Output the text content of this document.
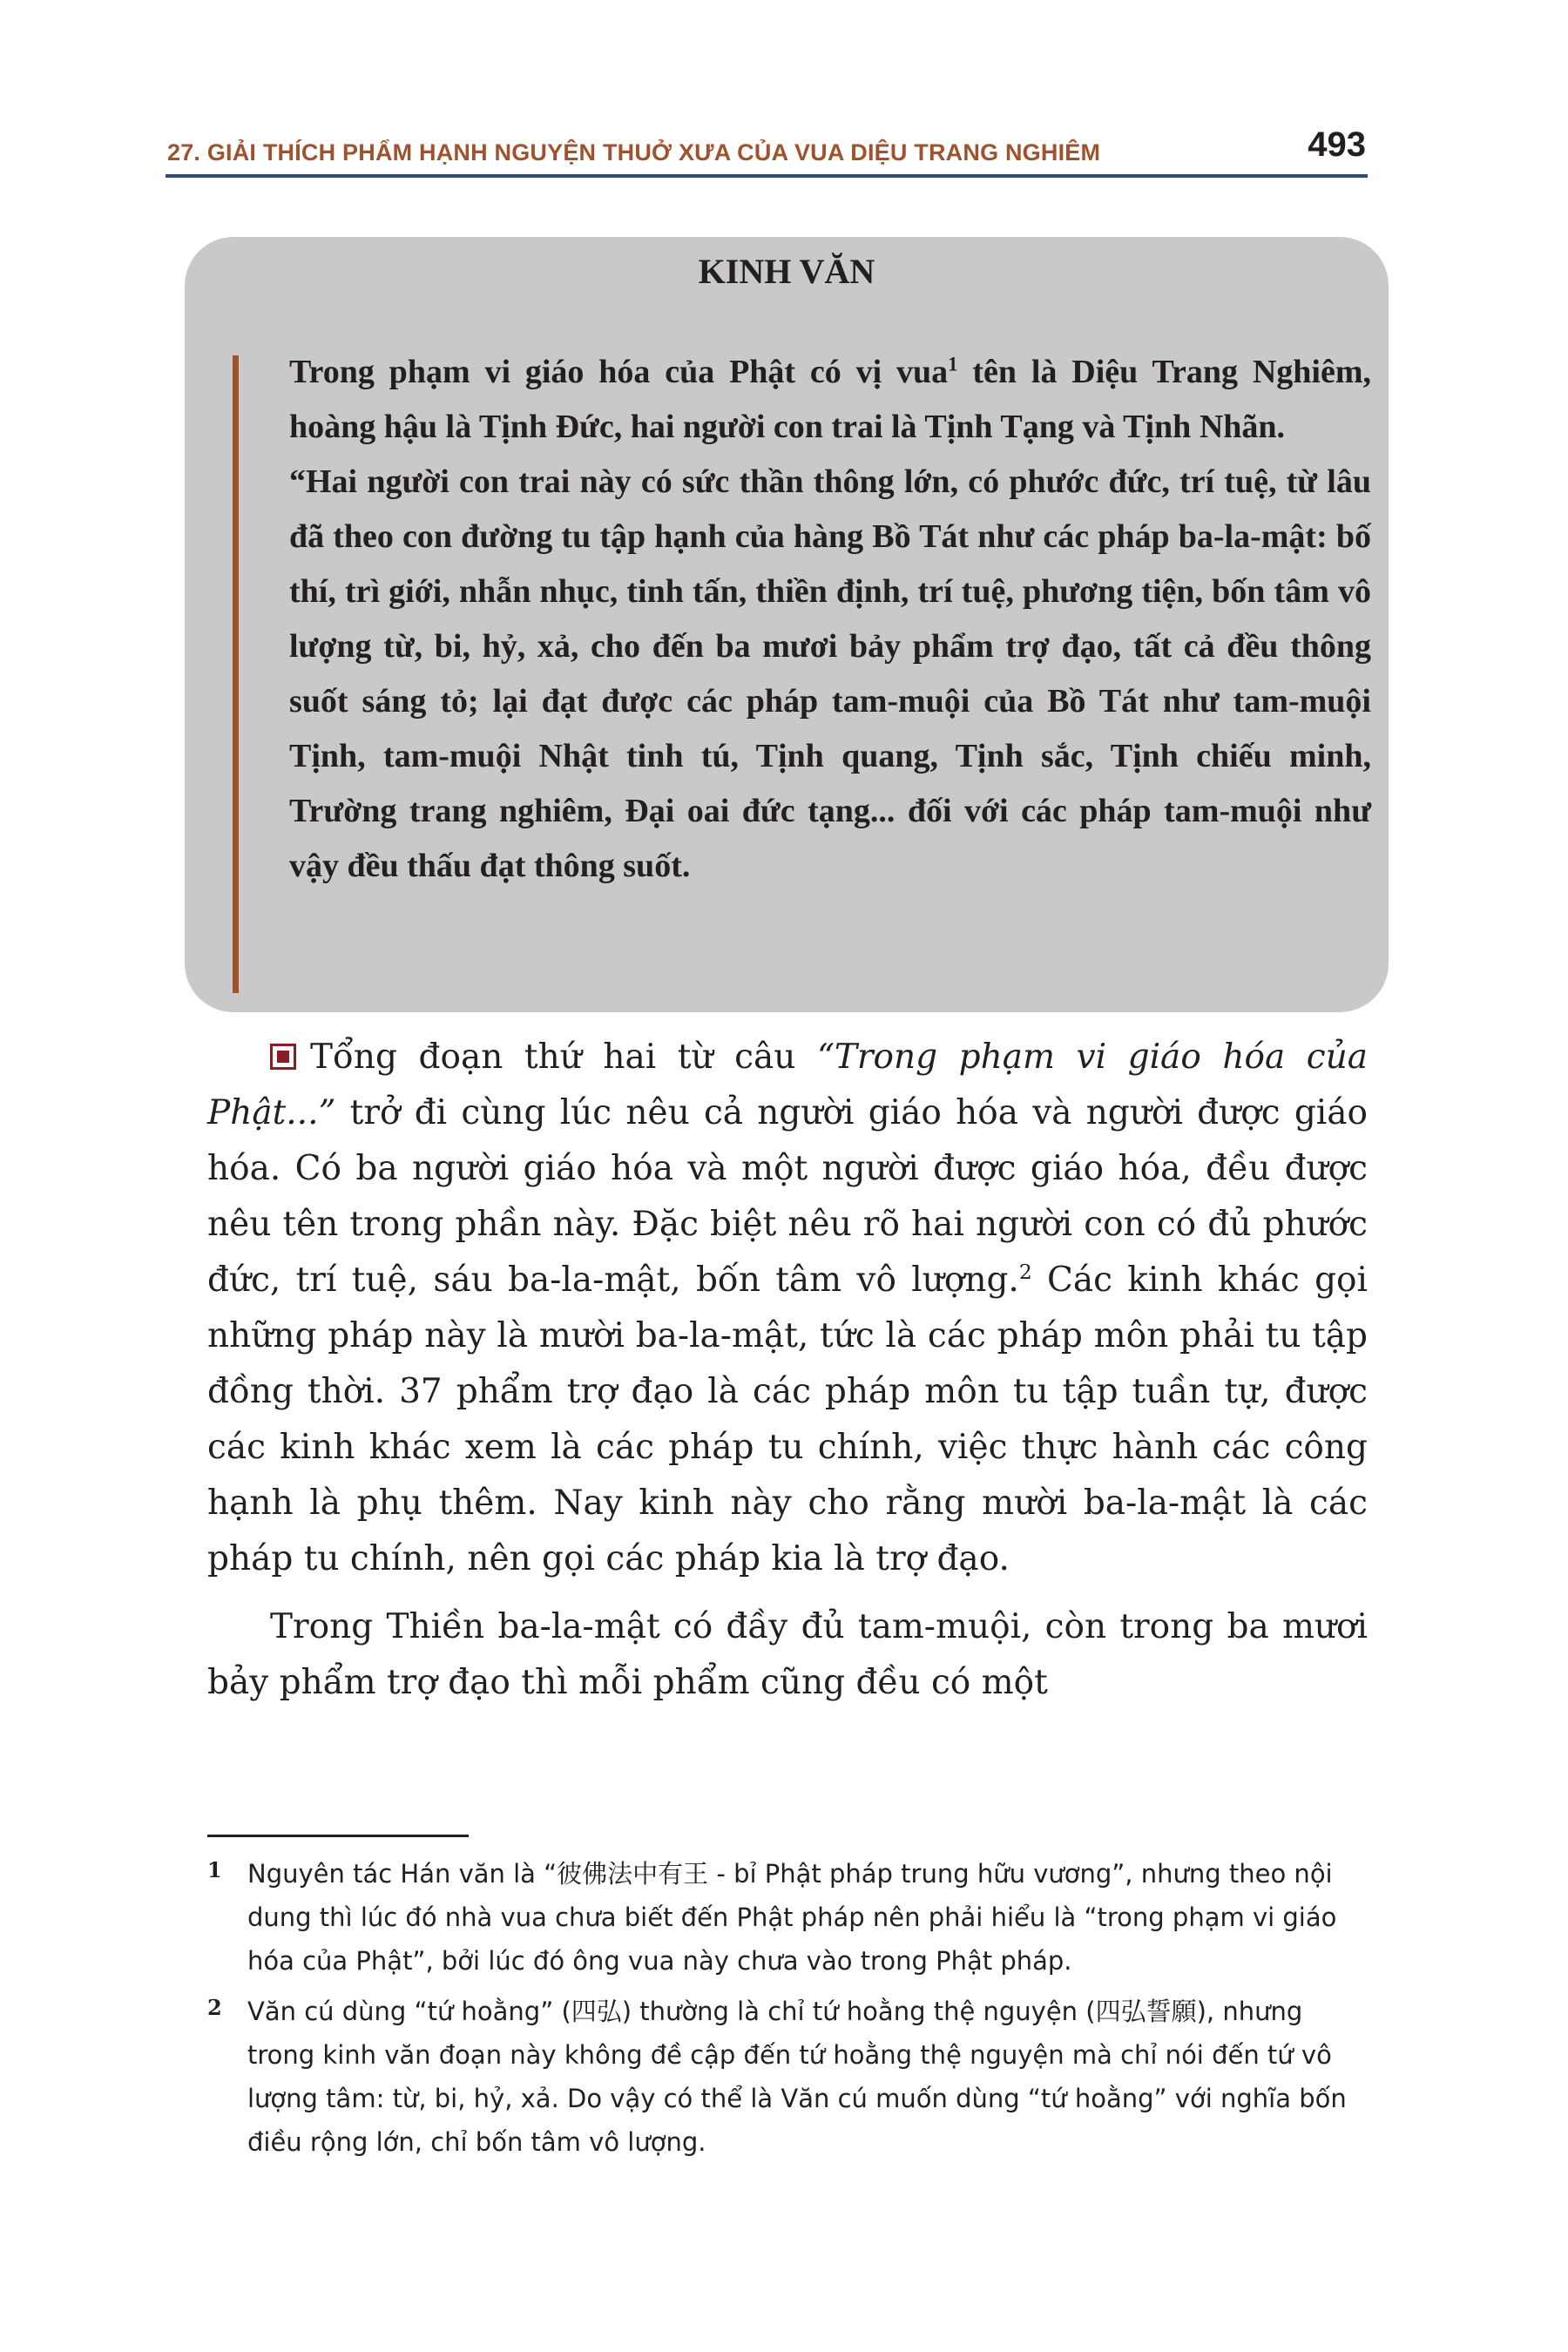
27. GIẢI THÍCH PHẨM HẠNH NGUYỆN THUỞ XƯA CỦA VUA DIỆU TRANG NGHIÊM	493
KINH VĂN

Trong phạm vi giáo hóa của Phật có vị vua$^1$ tên là Diệu Trang Nghiêm, hoàng hậu là Tịnh Đức, hai người con trai là Tịnh Tạng và Tịnh Nhãn.

“Hai người con trai này có sức thần thông lớn, có phước đức, trí tuệ, từ lâu đã theo con đường tu tập hạnh của hàng Bồ Tát như các pháp ba-la-mật: bố thí, trì giới, nhẫn nhục, tinh tấn, thiền định, trí tuệ, phương tiện, bốn tâm vô lượng từ, bi, hỷ, xả, cho đến ba mươi bảy phẩm trợ đạo, tất cả đều thông suốt sáng tỏ; lại đạt được các pháp tam-muội của Bồ Tát như tam-muội Tịnh, tam-muội Nhật tinh tú, Tịnh quang, Tịnh sắc, Tịnh chiếu minh, Trường trang nghiêm, Đại oai đức tạng... đối với các pháp tam-muội như vậy đều thấu đạt thông suốt.

Tổng đoạn thứ hai từ câu “Trong phạm vi giáo hóa của Phật...” trở đi cùng lúc nêu cả người giáo hóa và người được giáo hóa. Có ba người giáo hóa và một người được giáo hóa, đều được nêu tên trong phần này. Đặc biệt nêu rõ hai người con có đủ phước đức, trí tuệ, sáu ba-la-mật, bốn tâm vô lượng.$^2$ Các kinh khác gọi những pháp này là mười ba-la-mật, tức là các pháp môn phải tu tập đồng thời. 37 phẩm trợ đạo là các pháp môn tu tập tuần tự, được các kinh khác xem là các pháp tu chính, việc thực hành các công hạnh là phụ thêm. Nay kinh này cho rằng mười ba-la-mật là các pháp tu chính, nên gọi các pháp kia là trợ đạo.

Trong Thiền ba-la-mật có đầy đủ tam-muội, còn trong ba mươi bảy phẩm trợ đạo thì mỗi phẩm cũng đều có một

1 Nguyên tác Hán văn là “彼佛法中有王 - bỉ Phật pháp trung hữu vương”, nhưng theo nội dung thì lúc đó nhà vua chưa biết đến Phật pháp nên phải hiểu là “trong phạm vi giáo hóa của Phật”, bởi lúc đó ông vua này chưa vào trong Phật pháp.
2 Văn cú dùng “tứ hoằng” (四弘) thường là chỉ tứ hoằng thệ nguyện (四弘誓願), nhưng trong kinh văn đoạn này không đề cập đến tứ hoằng thệ nguyện mà chỉ nói đến tứ vô lượng tâm: từ, bi, hỷ, xả. Do vậy có thể là Văn cú muốn dùng “tứ hoằng” với nghĩa bốn điều rộng lớn, chỉ bốn tâm vô lượng.
